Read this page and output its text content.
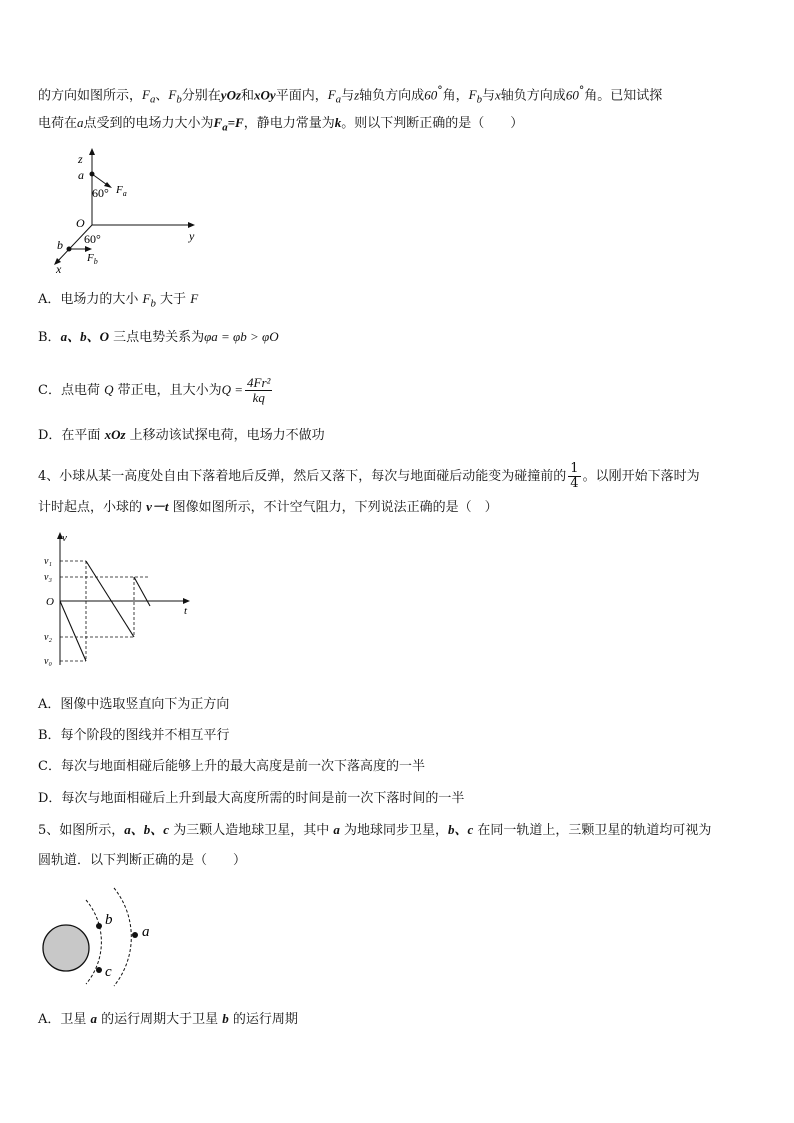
的方向如图所示，$F_a$、$F_b$分别在yOz和xOy平面内，$F_a$与z轴负方向成60°角，$F_b$与x轴负方向成60°角。已知试探
电荷在a点受到的电场力大小为$F_a=F$，静电力常量为k。则以下判断正确的是（　　）
z
a
60° $F_a$
O
y
60°
b
$F_b$
x
A．电场力的大小 $F_b$ 大于 F
B．a、b、O 三点电势关系为φa = φb > φO
C．点电荷 Q 带正电，且大小为$Q = \frac{\text{4Fr²}}{kq}$
D．在平面 xOz 上移动该试探电荷，电场力不做功
4、小球从某一高度处自由下落着地后反弹，然后又落下，每次与地面碰后动能变为碰撞前的 $\frac{1}{4}$ 。以刚开始下落时为
计时起点，小球的 v－t 图像如图所示，不计空气阻力，下列说法正确的是（　）
v
t
O
v₁
v₃
v₂
v₀
A．图像中选取竖直向下为正方向
B．每个阶段的图线并不相互平行
C．每次与地面相碰后能够上升的最大高度是前一次下落高度的一半
D．每次与地面相碰后上升到最大高度所需的时间是前一次下落时间的一半
5、如图所示，a、b、c 为三颗人造地球卫星，其中 a 为地球同步卫星，b、c 在同一轨道上，三颗卫星的轨道均可视为
圆轨道．以下判断正确的是（　　）
b
c
a
A．卫星 a 的运行周期大于卫星 b 的运行周期
